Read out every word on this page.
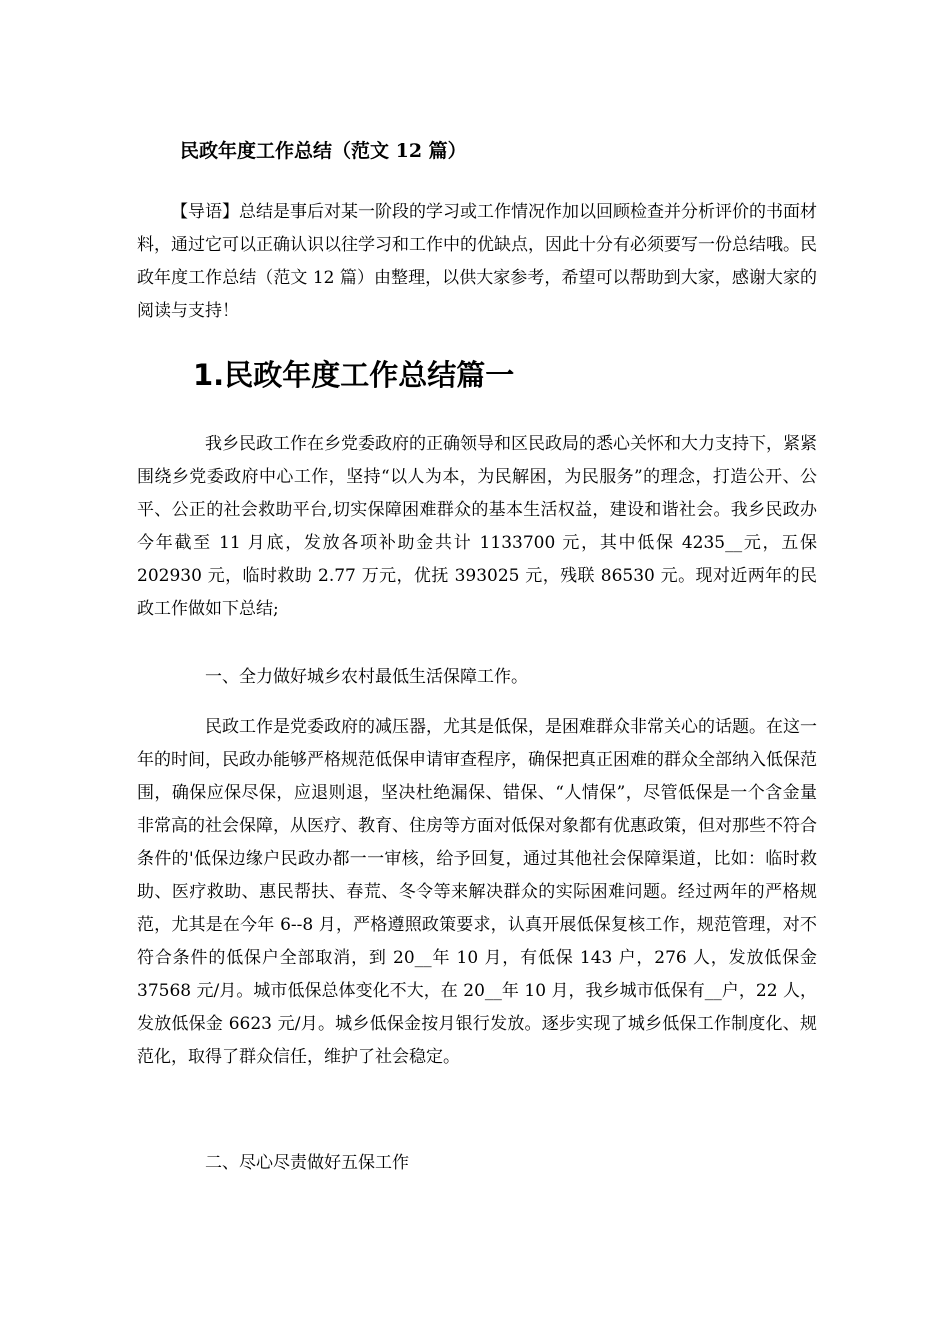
民政年度工作总结（范文 12 篇）

【导语】总结是事后对某一阶段的学习或工作情况作加以回顾检查并分析评价的书面材料，通过它可以正确认识以往学习和工作中的优缺点，因此十分有必须要写一份总结哦。民政年度工作总结（范文 12 篇）由整理，以供大家参考，希望可以帮助到大家，感谢大家的阅读与支持！

1.民政年度工作总结篇一

我乡民政工作在乡党委政府的正确领导和区民政局的悉心关怀和大力支持下，紧紧围绕乡党委政府中心工作，坚持“以人为本，为民解困，为民服务”的理念，打造公开、公平、公正的社会救助平台,切实保障困难群众的基本生活权益，建设和谐社会。我乡民政办今年截至 11 月底，发放各项补助金共计 1133700 元，其中低保 4235__元，五保 202930 元，临时救助 2.77 万元，优抚 393025 元，残联 86530 元。现对近两年的民政工作做如下总结;

一、全力做好城乡农村最低生活保障工作。

民政工作是党委政府的减压器，尤其是低保，是困难群众非常关心的话题。在这一年的时间，民政办能够严格规范低保申请审查程序，确保把真正困难的群众全部纳入低保范围，确保应保尽保，应退则退，坚决杜绝漏保、错保、“人情保”，尽管低保是一个含金量非常高的社会保障，从医疗、教育、住房等方面对低保对象都有优惠政策，但对那些不符合条件的'低保边缘户民政办都一一审核，给予回复，通过其他社会保障渠道，比如：临时救助、医疗救助、惠民帮扶、春荒、冬令等来解决群众的实际困难问题。经过两年的严格规范，尤其是在今年 6--8 月，严格遵照政策要求，认真开展低保复核工作，规范管理，对不符合条件的低保户全部取消，到 20__年 10 月，有低保 143 户，276 人，发放低保金 37568 元/月。城市低保总体变化不大，在 20__年 10 月，我乡城市低保有__户，22 人，发放低保金 6623 元/月。城乡低保金按月银行发放。逐步实现了城乡低保工作制度化、规范化，取得了群众信任，维护了社会稳定。

二、尽心尽责做好五保工作
